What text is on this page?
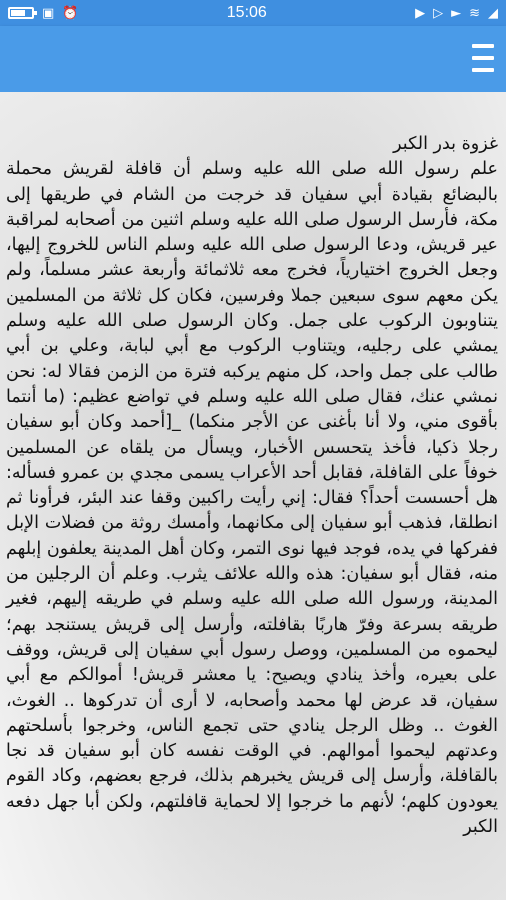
▣ ⏰	15:06	▶ ▷ ► ≋ ◢
غزوة بدر الكبر
علم رسول الله صلى الله عليه وسلم أن قافلة لقريش محملة بالبضائع بقيادة أبي سفيان قد خرجت من الشام في طريقها إلى مكة، فأرسل الرسول صلى الله عليه وسلم اثنين من أصحابه لمراقبة عير قريش، ودعا الرسول صلى الله عليه وسلم الناس للخروج إليها، وجعل الخروج اختيارياً، فخرج معه ثلاثمائة وأربعة عشر مسلماً، ولم يكن معهم سوى سبعين جملا وفرسين، فكان كل ثلاثة من المسلمين يتناوبون الركوب على جمل. وكان الرسول صلى الله عليه وسلم يمشي على رجليه، ويتناوب الركوب مع أبي لبابة، وعلي بن أبي طالب على جمل واحد، كل منهم يركبه فترة من الزمن فقالا له: نحن نمشي عنك، فقال صلى الله عليه وسلم في تواضع عظيم: (ما أنتما بأقوى مني، ولا أنا بأغنى عن الأجر منكما) _[أحمد وكان أبو سفيان رجلا ذكيا، فأخذ يتحسس الأخبار، ويسأل من يلقاه عن المسلمين خوفاً على القافلة، فقابل أحد الأعراب يسمى مجدي بن عمرو فسأله: هل أحسست أحداً؟ فقال: إني رأيت راكبين وقفا عند البئر، فرأونا ثم انطلقا، فذهب أبو سفيان إلى مكانهما، وأمسك روثة من فضلات الإبل ففركها في يده، فوجد فيها نوى التمر، وكان أهل المدينة يعلفون إبلهم منه، فقال أبو سفيان: هذه والله علائف يثرب. وعلم أن الرجلين من المدينة، ورسول الله صلى الله عليه وسلم في طريقه إليهم، فغير طريقه بسرعة وفرّ هاربًا بقافلته، وأرسل إلى قريش يستنجد بهم؛ ليحموه من المسلمين، ووصل رسول أبي سفيان إلى قريش، ووقف على بعيره، وأخذ ينادي ويصيح: يا معشر قريش! أموالكم مع أبي سفيان، قد عرض لها محمد وأصحابه، لا أرى أن تدركوها .. الغوث، الغوث .. وظل الرجل ينادي حتى تجمع الناس، وخرجوا بأسلحتهم وعدتهم ليحموا أموالهم. في الوقت نفسه كان أبو سفيان قد نجا بالقافلة، وأرسل إلى قريش يخبرهم بذلك، فرجع بعضهم، وكاد القوم يعودون كلهم؛ لأنهم ما خرجوا إلا لحماية قافلتهم، ولكن أبا جهل دفعه الكبر
